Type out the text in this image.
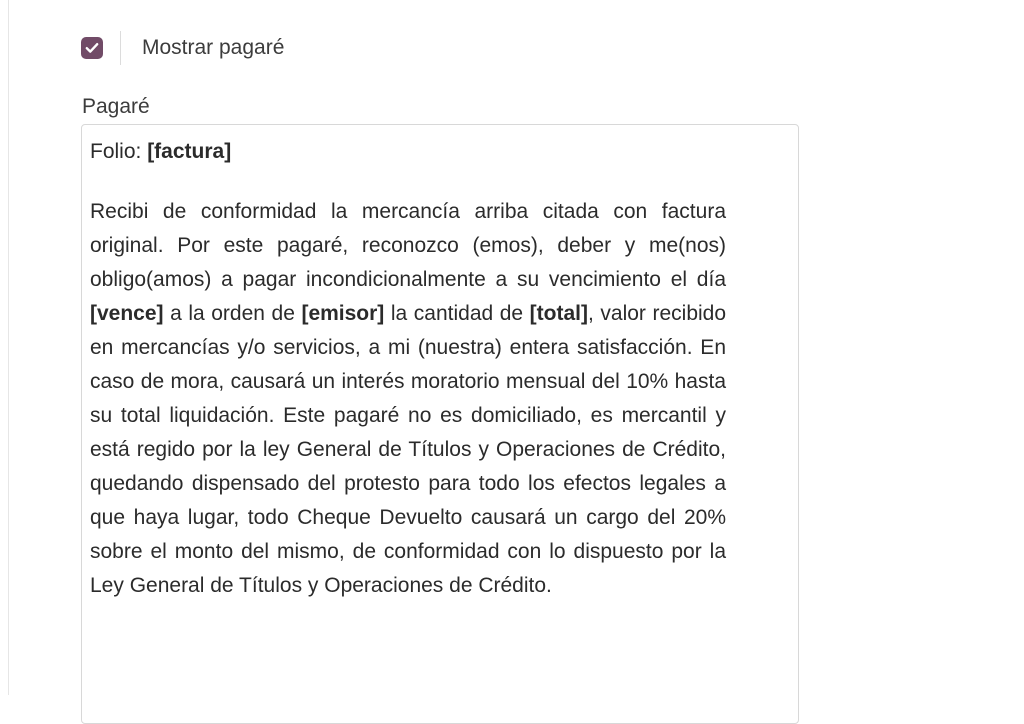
Mostrar pagaré
Pagaré

Folio: [factura]

Recibi de conformidad la mercancía arriba citada con factura original. Por este pagaré, reconozco (emos), deber y me(nos) obligo(amos) a pagar incondicionalmente a su vencimiento el día [vence] a la orden de [emisor] la cantidad de [total], valor recibido en mercancías y/o servicios, a mi (nuestra) entera satisfacción. En caso de mora, causará un interés moratorio mensual del 10% hasta su total liquidación. Este pagaré no es domiciliado, es mercantil y está regido por la ley General de Títulos y Operaciones de Crédito, quedando dispensado del protesto para todo los efectos legales a que haya lugar, todo Cheque Devuelto causará un cargo del 20% sobre el monto del mismo, de conformidad con lo dispuesto por la Ley General de Títulos y Operaciones de Crédito.
